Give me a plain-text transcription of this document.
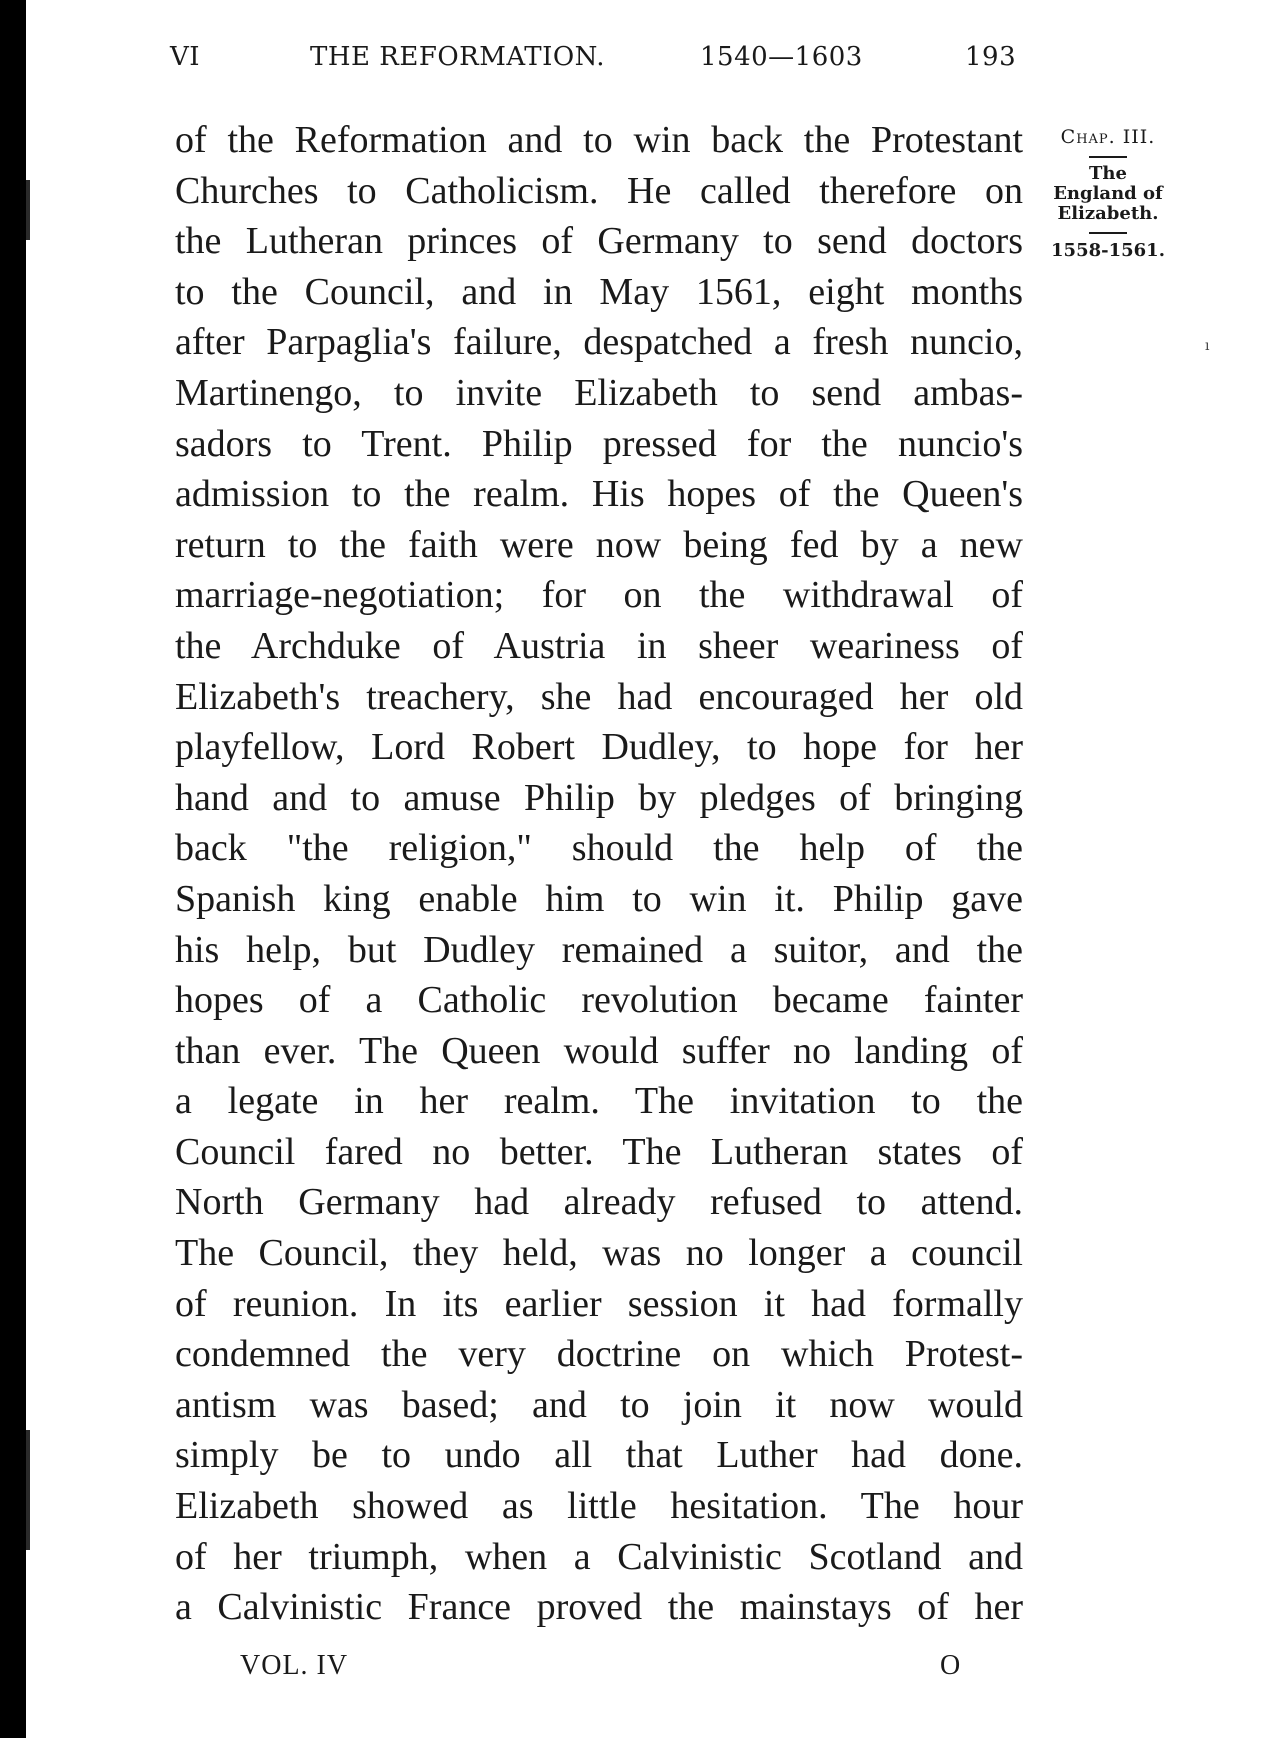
VI	THE REFORMATION.	1540—1603	193
of the Reformation and to win back the Protestant
Churches to Catholicism. He called therefore on
the Lutheran princes of Germany to send doctors
to the Council, and in May 1561, eight months
after Parpaglia's failure, despatched a fresh nuncio,
Martinengo, to invite Elizabeth to send ambas-
sadors to Trent. Philip pressed for the nuncio's
admission to the realm. His hopes of the Queen's
return to the faith were now being fed by a new
marriage-negotiation; for on the withdrawal of
the Archduke of Austria in sheer weariness of
Elizabeth's treachery, she had encouraged her old
playfellow, Lord Robert Dudley, to hope for her
hand and to amuse Philip by pledges of bringing
back "the religion," should the help of the
Spanish king enable him to win it. Philip gave
his help, but Dudley remained a suitor, and the
hopes of a Catholic revolution became fainter
than ever. The Queen would suffer no landing of
a legate in her realm. The invitation to the
Council fared no better. The Lutheran states of
North Germany had already refused to attend.
The Council, they held, was no longer a council
of reunion. In its earlier session it had formally
condemned the very doctrine on which Protest-
antism was based; and to join it now would
simply be to undo all that Luther had done.
Elizabeth showed as little hesitation. The hour
of her triumph, when a Calvinistic Scotland and
a Calvinistic France proved the mainstays of her
Chap. III.
The
England of
Elizabeth.
1558-1561.
ı
VOL. IV	O
